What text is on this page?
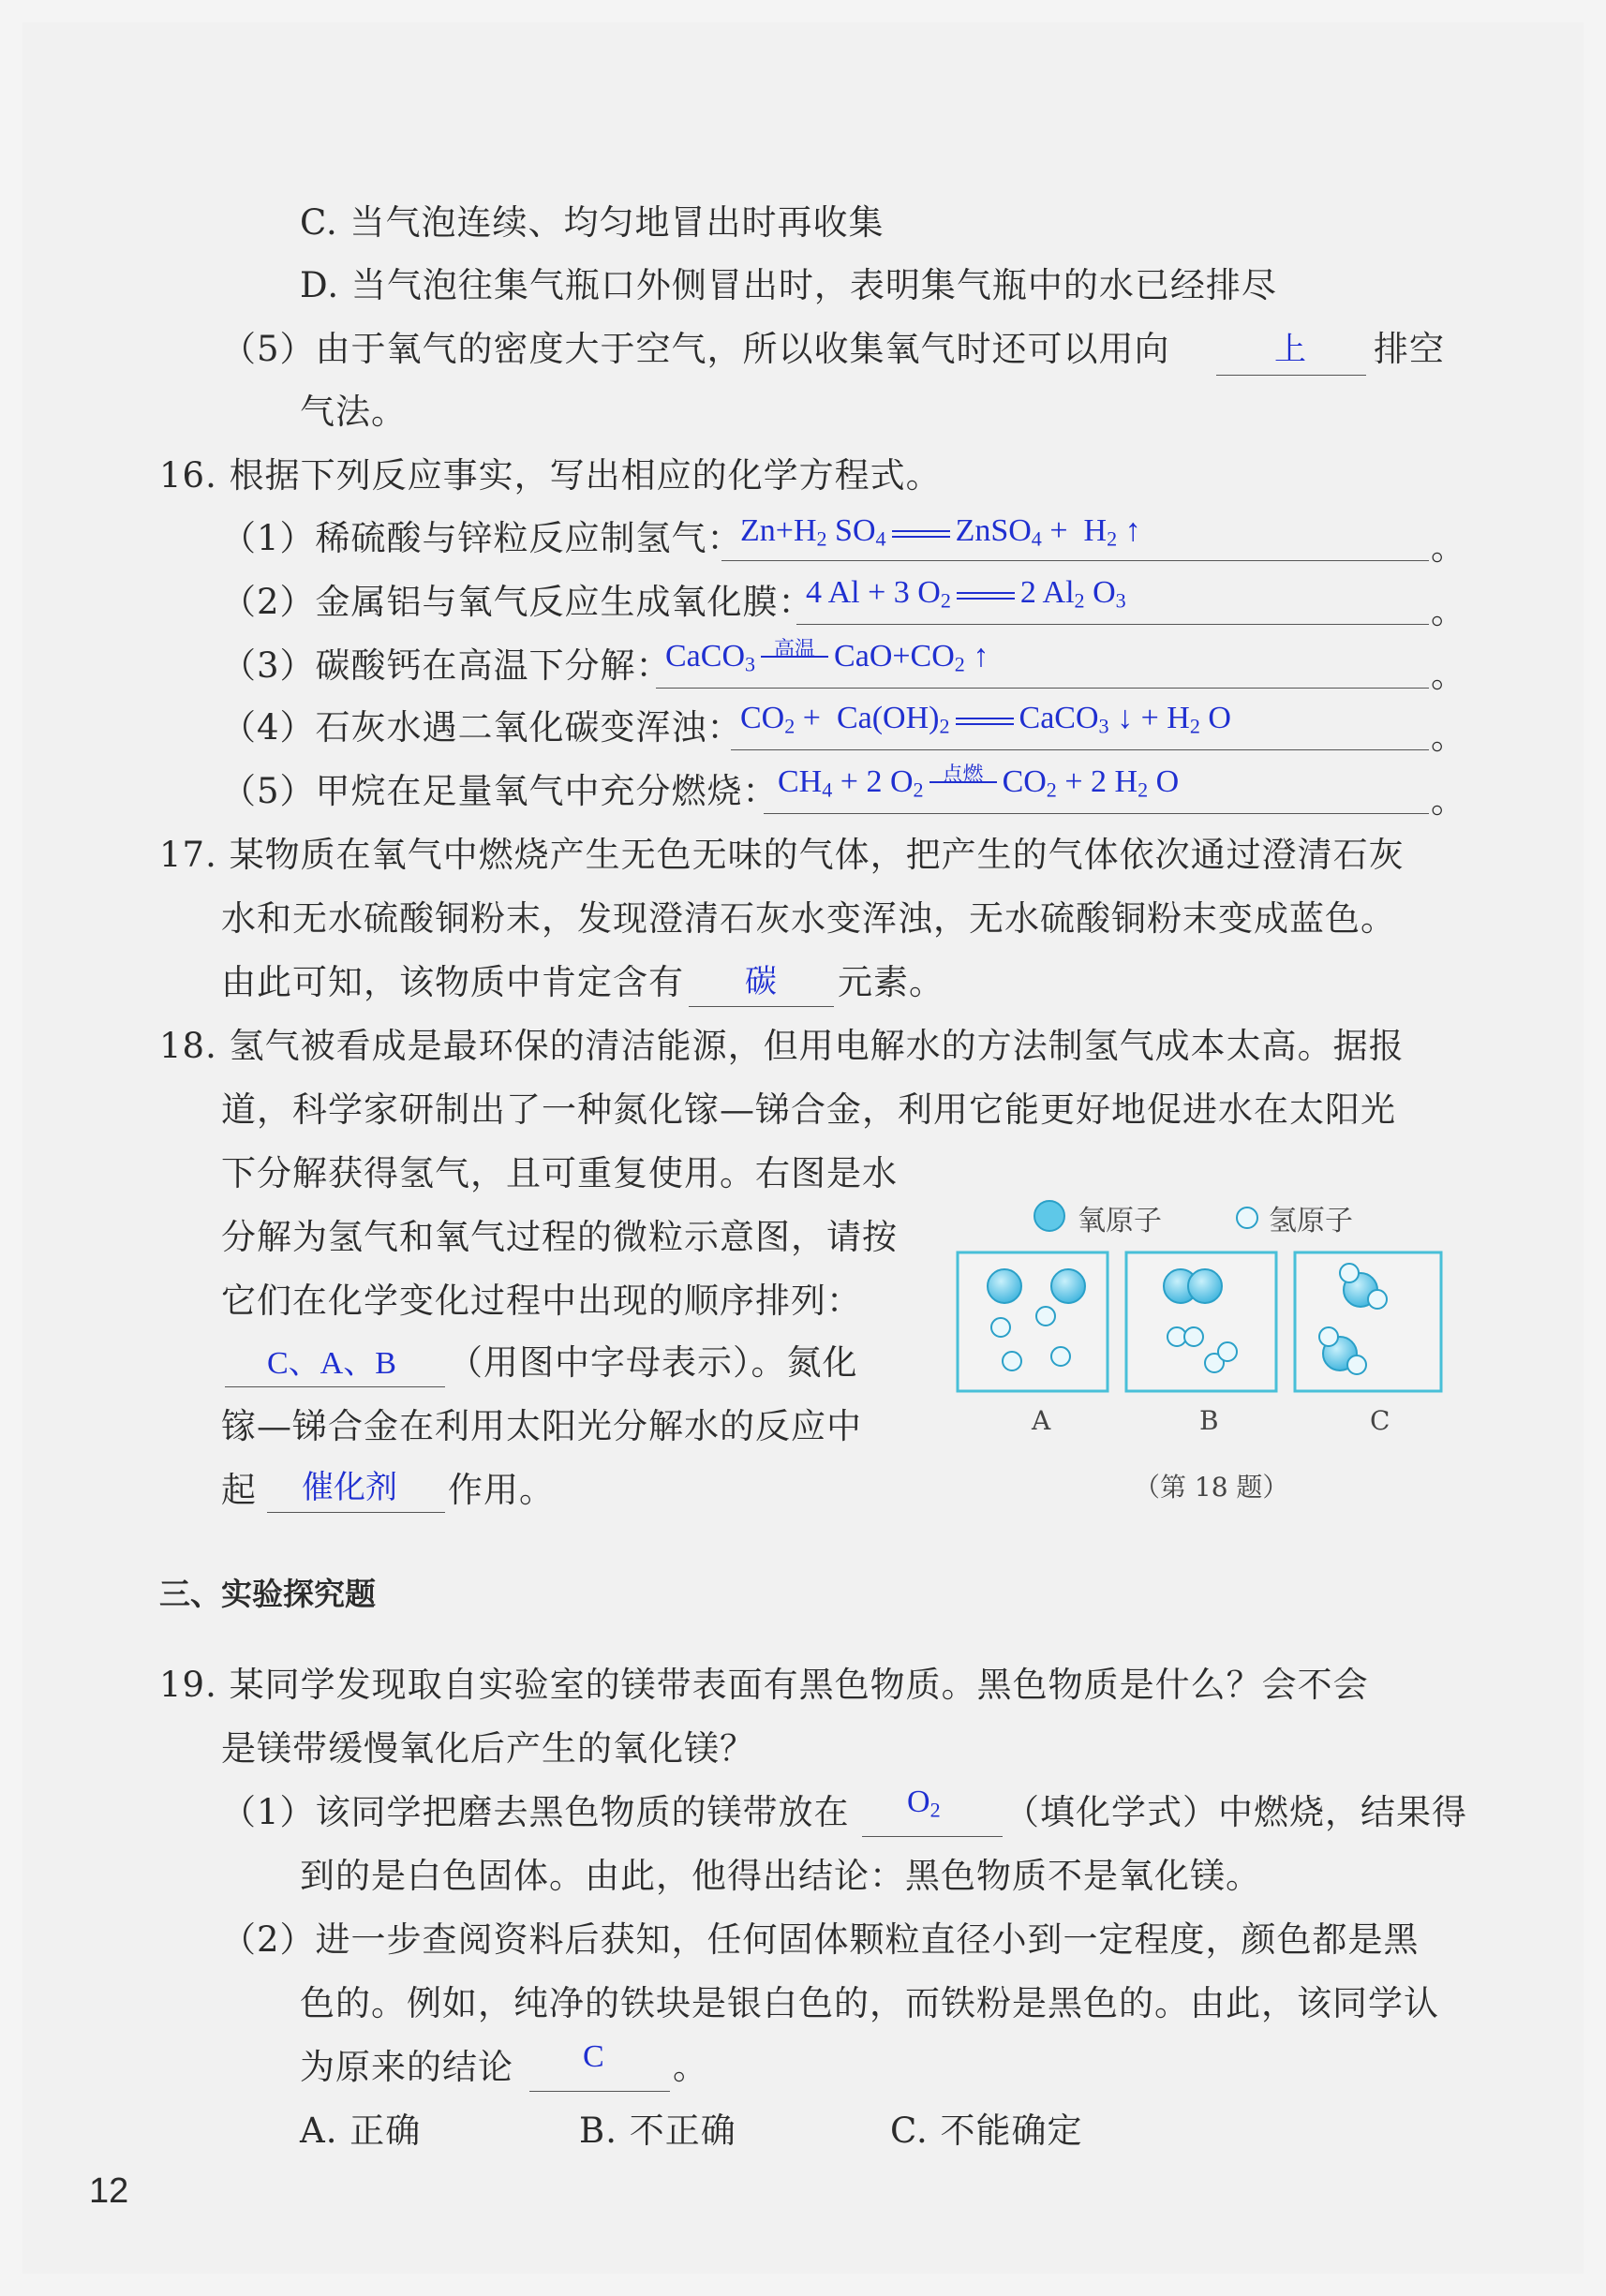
C. 当气泡连续、均匀地冒出时再收集
D. 当气泡往集气瓶口外侧冒出时，表明集气瓶中的水已经排尽
（5）由于氧气的密度大于空气，所以收集氧气时还可以用向	上 排空
气法。
16. 根据下列反应事实，写出相应的化学方程式。
（1）稀硫酸与锌粒反应制氢气：
$Zn+H_2$ $SO_4$ ZnSO$_4$ +  $H_2$ ↑	。
（2）金属铝与氧气反应生成氧化膜：
4 Al + 3 $O_2$ 2 $Al_2$ $O_3$	。
（3）碳酸钙在高温下分解：
CaCO$_3$
高温 $CaO+CO_2$ ↑	。
（4）石灰水遇二氧化碳变浑浊：
$CO_2 + Ca(OH)_2$ CaCO$_3$ ↓ + $H_2$ O	。
（5）甲烷在足量氧气中充分燃烧： $CH_4 + 2$ $O_2$
点燃 $CO_2 + 2$ $H_2$ O	。
17. 某物质在氧气中燃烧产生无色无味的气体，把产生的气体依次通过澄清石灰
水和无水硫酸铜粉末，发现澄清石灰水变浑浊，无水硫酸铜粉末变成蓝色。
由此可知，该物质中肯定含有 碳 元素。
18. 氢气被看成是最环保的清洁能源，但用电解水的方法制氢气成本太高。据报
道，科学家研制出了一种氮化镓—锑合金，利用它能更好地促进水在太阳光
下分解获得氢气，且可重复使用。右图是水
分解为氢气和氧气过程的微粒示意图，请按
它们在化学变化过程中出现的顺序排列：
C、A、B （用图中字母表示）。氮化
镓—锑合金在利用太阳光分解水的反应中
起 催化剂 作用。
氧原子	氢原子
A	B	C
（第 18 题）
三、实验探究题
19. 某同学发现取自实验室的镁带表面有黑色物质。黑色物质是什么？会不会
是镁带缓慢氧化后产生的氧化镁？
（1）该同学把磨去黑色物质的镁带放在 $O_2$ （填化学式）中燃烧，结果得
到的是白色固体。由此，他得出结论：黑色物质不是氧化镁。
（2）进一步查阅资料后获知，任何固体颗粒直径小到一定程度，颜色都是黑
色的。例如，纯净的铁块是银白色的，而铁粉是黑色的。由此，该同学认
为原来的结论 C 。
A. 正确	B. 不正确	C. 不能确定
12
